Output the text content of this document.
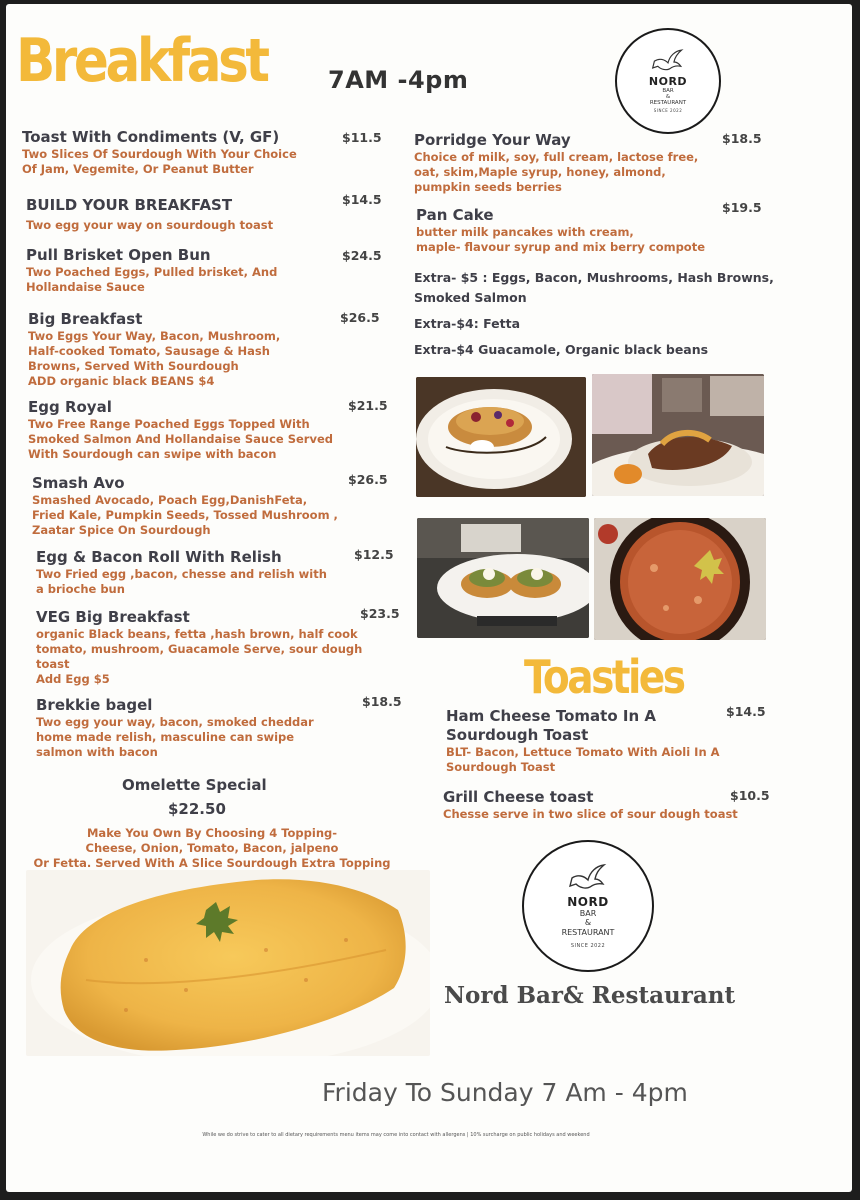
Breakfast	7AM -4pm	NORD
BAR
&
RESTAURANT
SINCE 2022
Toast With Condiments (V, GF)
Two Slices Of Sourdough With Your Choice
Of Jam, Vegemite, Or Peanut Butter
$11.5
BUILD YOUR BREAKFAST
Two egg your way on sourdough toast
$14.5
Pull Brisket Open Bun
Two Poached Eggs, Pulled brisket, And
Hollandaise Sauce
$24.5
Big Breakfast
Two Eggs Your Way, Bacon, Mushroom,
Half-cooked Tomato, Sausage & Hash
Browns, Served With Sourdough
ADD organic black BEANS $4
$26.5
Egg Royal
Two Free Range Poached Eggs Topped With
Smoked Salmon And Hollandaise Sauce Served
With Sourdough can swipe with bacon
$21.5
Smash Avo
Smashed Avocado, Poach Egg,DanishFeta,
Fried Kale, Pumpkin Seeds, Tossed Mushroom ,
Zaatar Spice On Sourdough
$26.5
Egg & Bacon Roll With Relish
Two Fried egg ,bacon, chesse and relish with
a brioche bun
$12.5
VEG Big Breakfast
organic Black beans, fetta ,hash brown, half cook
tomato, mushroom, Guacamole Serve, sour dough
toast
Add Egg $5
$23.5
Brekkie bagel
Two egg your way, bacon, smoked cheddar
home made relish, masculine can swipe
salmon with bacon
$18.5
Omelette Special
$22.50
Make You Own By Choosing 4 Topping-
Cheese, Onion, Tomato, Bacon, jalpeno
Or Fetta. Served With A Slice Sourdough Extra Topping
Porridge Your Way
Choice of milk, soy, full cream, lactose free,
oat, skim,Maple syrup, honey, almond,
pumpkin seeds berries
$18.5
Pan Cake
butter milk pancakes with cream,
maple- flavour syrup and mix berry compote
$19.5
Extra- $5 : Eggs, Bacon, Mushrooms, Hash Browns,
Smoked Salmon
Extra-$4: Fetta
Extra-$4 Guacamole, Organic black beans
Toasties
Ham Cheese Tomato In A
Sourdough Toast
BLT- Bacon, Lettuce Tomato With Aioli In A
Sourdough Toast
$14.5
Grill Cheese toast
Chesse serve in two slice of sour dough toast
$10.5
NORD
BAR
&
RESTAURANT
SINCE 2022
Nord Bar& Restaurant
Friday To Sunday 7 Am - 4pm
While we do strive to cater to all dietary requirements menu items may come into contact with allergens | 10% surcharge on public holidays and weekend
